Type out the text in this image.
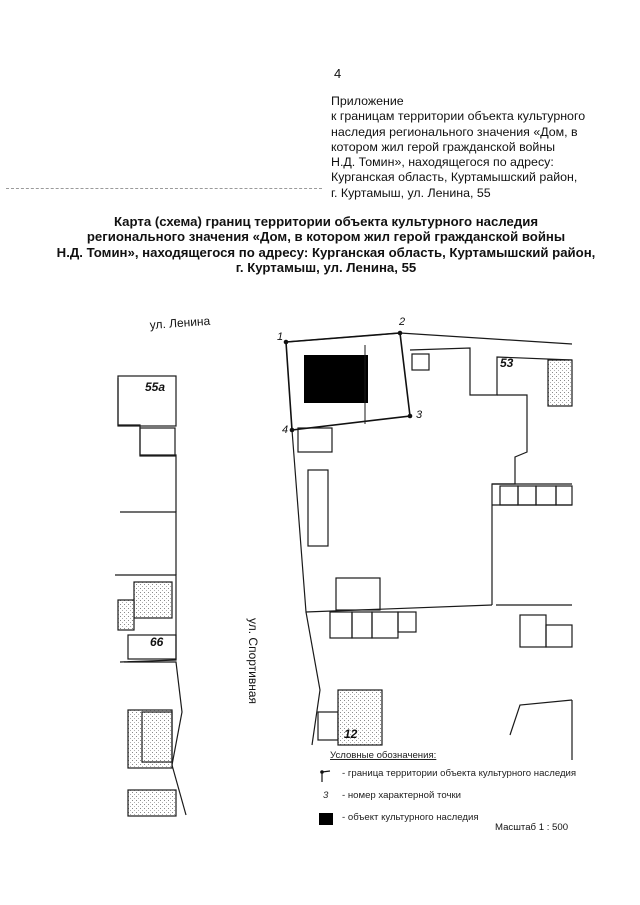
4
Приложение
к границам территории объекта культурного
наследия регионального значения «Дом, в
котором жил герой гражданской войны
Н.Д. Томин», находящегося по адресу:
Курганская область, Куртамышский район,
г. Куртамыш, ул. Ленина, 55
Карта (схема) границ территории объекта культурного наследия
регионального значения «Дом, в котором жил герой гражданской войны
Н.Д. Томин», находящегося по адресу: Курганская область, Куртамышский район,
г. Куртамыш, ул. Ленина, 55
1
2
3
4
ул. Ленина
ул. Спортивная
55а
53
66
12
Условные обозначения:
- граница территории объекта культурного наследия
3	- номер характерной точки
- объект культурного наследия
Масштаб 1 : 500
